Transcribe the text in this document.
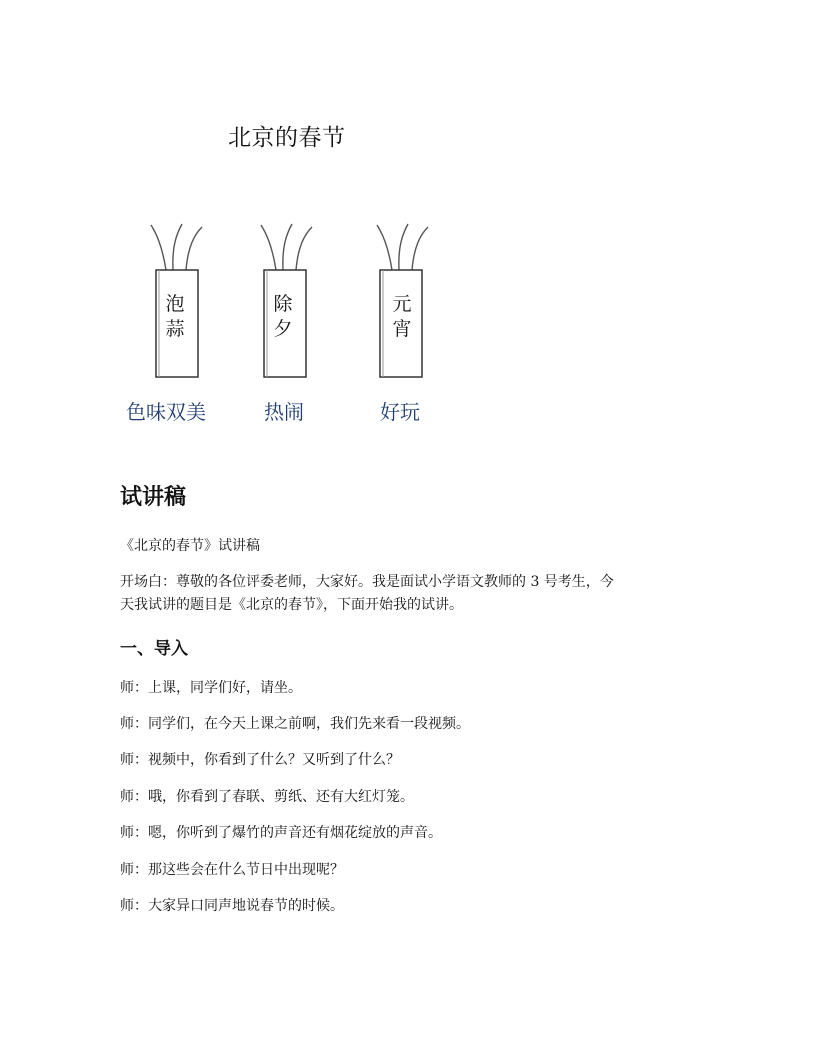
北京的春节
泡
蒜
除
夕
元
宵
色味双美	热闹	好玩
试讲稿
《北京的春节》试讲稿
开场白：尊敬的各位评委老师，大家好。我是面试小学语文教师的 3 号考生，今
天我试讲的题目是《北京的春节》，下面开始我的试讲。
一、导入
师：上课，同学们好，请坐。
师：同学们，在今天上课之前啊，我们先来看一段视频。
师：视频中，你看到了什么？又听到了什么？
师：哦，你看到了春联、剪纸、还有大红灯笼。
师：嗯，你听到了爆竹的声音还有烟花绽放的声音。
师：那这些会在什么节日中出现呢？
师：大家异口同声地说春节的时候。
